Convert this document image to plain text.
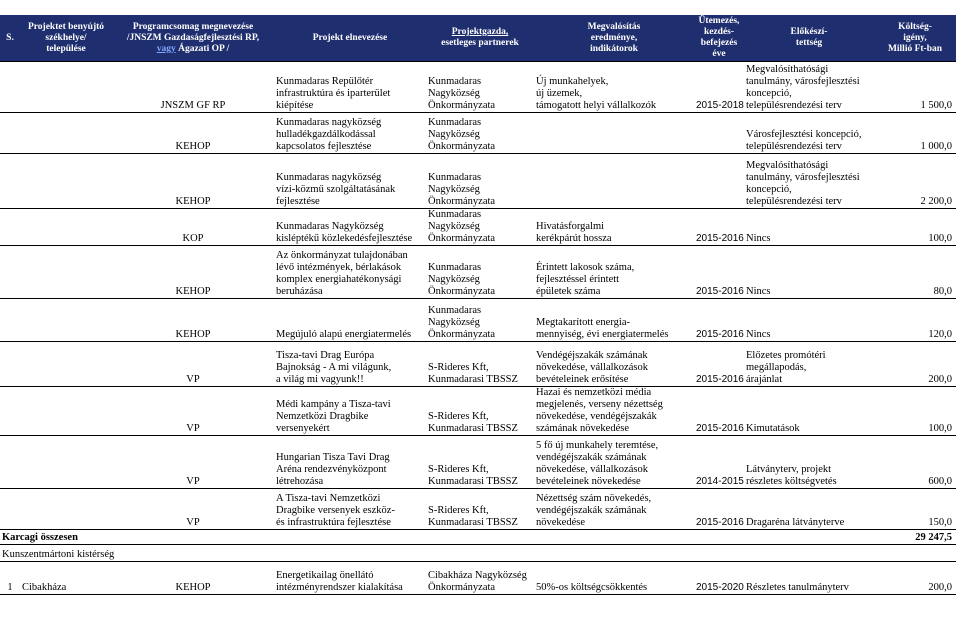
S.	Projektet benyújtó
székhelye/
települése	Programcsomag megnevezése
/JNSZM Gazdaságfejlesztési RP,
vagy Ágazati OP /	Projekt elnevezése	Projektgazda,
esetleges partnerek	Megvalósítás
eredménye,
indikátorok	Ütemezés,
kezdés-
befejezés
éve	Előkészí-
tettség	Költség-
igény,
Millió Ft-ban

		JNSZM GF RP	Kunmadaras Repülőtér
infrastruktúra és iparterület
kiépítése	Kunmadaras
Nagyközség
Önkormányzata	Új munkahelyek,
új üzemek,
támogatott helyi vállalkozók	2015-2018	Megvalósíthatósági
tanulmány, városfejlesztési
koncepció,
településrendezési terv	1 500,0

		KEHOP	Kunmadaras nagyközség
hulladékgazdálkodással
kapcsolatos fejlesztése	Kunmadaras
Nagyközség
Önkormányzata			Városfejlesztési koncepció,
településrendezési terv	1 000,0

		KEHOP	Kunmadaras nagyközség
vízi-közmű szolgáltatásának
fejlesztése	Kunmadaras
Nagyközség
Önkormányzata			Megvalósíthatósági
tanulmány, városfejlesztési
koncepció,
településrendezési terv	2 200,0

		KOP	Kunmadaras Nagyközség
kisléptékű közlekedésfejlesztése	Kunmadaras
Nagyközség
Önkormányzata	Hivatásforgalmi
kerékpárút hossza	2015-2016	Nincs	100,0

		KEHOP	Az önkormányzat tulajdonában
lévő intézmények, bérlakások
komplex energiahatékonysági
beruházása	Kunmadaras
Nagyközség
Önkormányzata	Érintett lakosok száma,
fejlesztéssel érintett
épületek száma	2015-2016	Nincs	80,0

		KEHOP	Megújuló alapú energiatermelés	Kunmadaras
Nagyközség
Önkormányzata	Megtakarított energia-
mennyiség, évi energiatermelés	2015-2016	Nincs	120,0

		VP	Tisza-tavi Drag Európa
Bajnokság - A mi világunk,
a világ mi vagyunk!!	S-Rideres Kft,
Kunmadarasi TBSSZ	Vendégéjszakák számának
növekedése, vállalkozások
bevételeinek erősítése	2015-2016	Előzetes promótéri
megállapodás,
árajánlat	200,0

		VP	Médi kampány a Tisza-tavi
Nemzetközi Dragbike
versenyekért	S-Rideres Kft,
Kunmadarasi TBSSZ	Hazai és nemzetközi média
megjelenés, verseny nézettség
növekedése, vendégéjszakák
számának növekedése	2015-2016	Kimutatások	100,0

		VP	Hungarian Tisza Tavi Drag
Aréna rendezvényközpont
létrehozása	S-Rideres Kft,
Kunmadarasi TBSSZ	5 fő új munkahely teremtése,
vendégéjszakák számának
növekedése, vállalkozások
bevételeinek növekedése	2014-2015	Látványterv, projekt
részletes költségvetés	600,0

		VP	A Tisza-tavi Nemzetközi
Dragbike versenyek eszköz-
és infrastruktúra fejlesztése	S-Rideres Kft,
Kunmadarasi TBSSZ	Nézettség szám növekedés,
vendégéjszakák számának
növekedése	2015-2016	Dragaréna látványterve	150,0

Karcagi összesen								29 247,5
Kunszentmártoni kistérség								

1	Cibakháza	KEHOP	Energetikailag önellátó
intézményrendszer kialakítása	Cibakháza Nagyközség
Önkormányzata	50%-os költségcsökkentés	2015-2020	Részletes tanulmányterv	200,0
